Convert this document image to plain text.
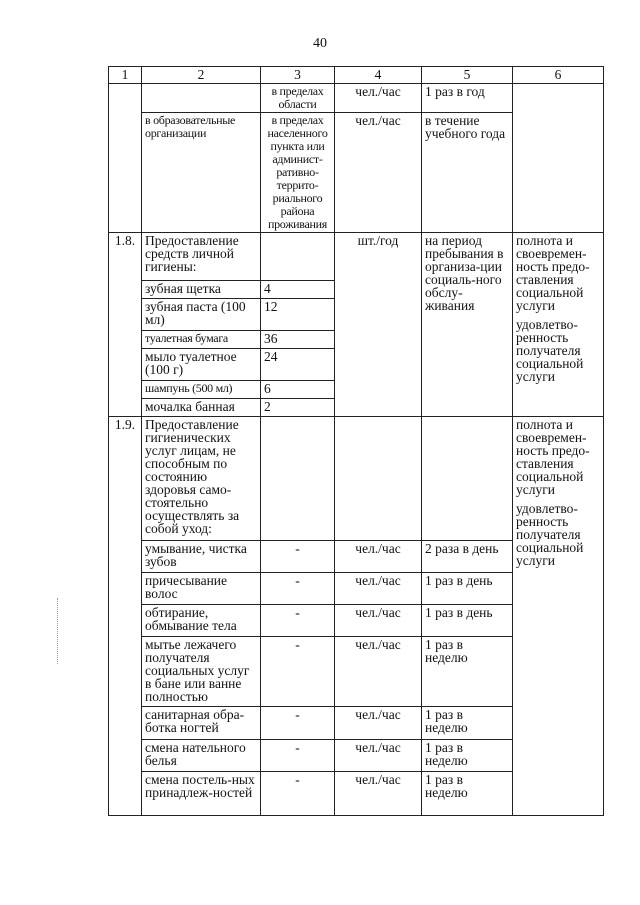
40
1	2	3	4	5	6
		в пределах области	чел./час	1 раз в год	
	в образовательные организации	в пределах населенного пункта или админист-ративно-террито-риального района проживания	чел./час	в течение учебного года	
1.8.	Предоставление средств личной гигиены:		шт./год	на период пребывания в организа-ции социаль-ного обслу-живания	полнота и своевремен-ность предо-ставления социальной услуги
удовлетво-ренность получателя социальной услуги

	зубная щетка	4			
	зубная паста (100 мл)	12			
	туалетная бумага	36			
	мыло туалетное (100 г)	24			
	шампунь (500 мл)	6			
	мочалка банная	2			
1.9.	Предоставление гигиенических услуг лицам, не способным по состоянию здоровья само-стоятельно осуществлять за собой уход:				полнота и своевремен-ность предо-ставления социальной услуги
удовлетво-ренность получателя социальной услуги

	умывание, чистка зубов	-	чел./час	2 раза в день	
	причесывание волос	-	чел./час	1 раз в день	
	обтирание, обмывание тела	-	чел./час	1 раз в день	
	мытье лежачего получателя социальных услуг в бане или ванне полностью	-	чел./час	1 раз в неделю	
	санитарная обра-ботка ногтей	-	чел./час	1 раз в неделю	
	смена нательного белья	-	чел./час	1 раз в неделю	
	смена постель-ных принадлеж-ностей	-	чел./час	1 раз в неделю	
